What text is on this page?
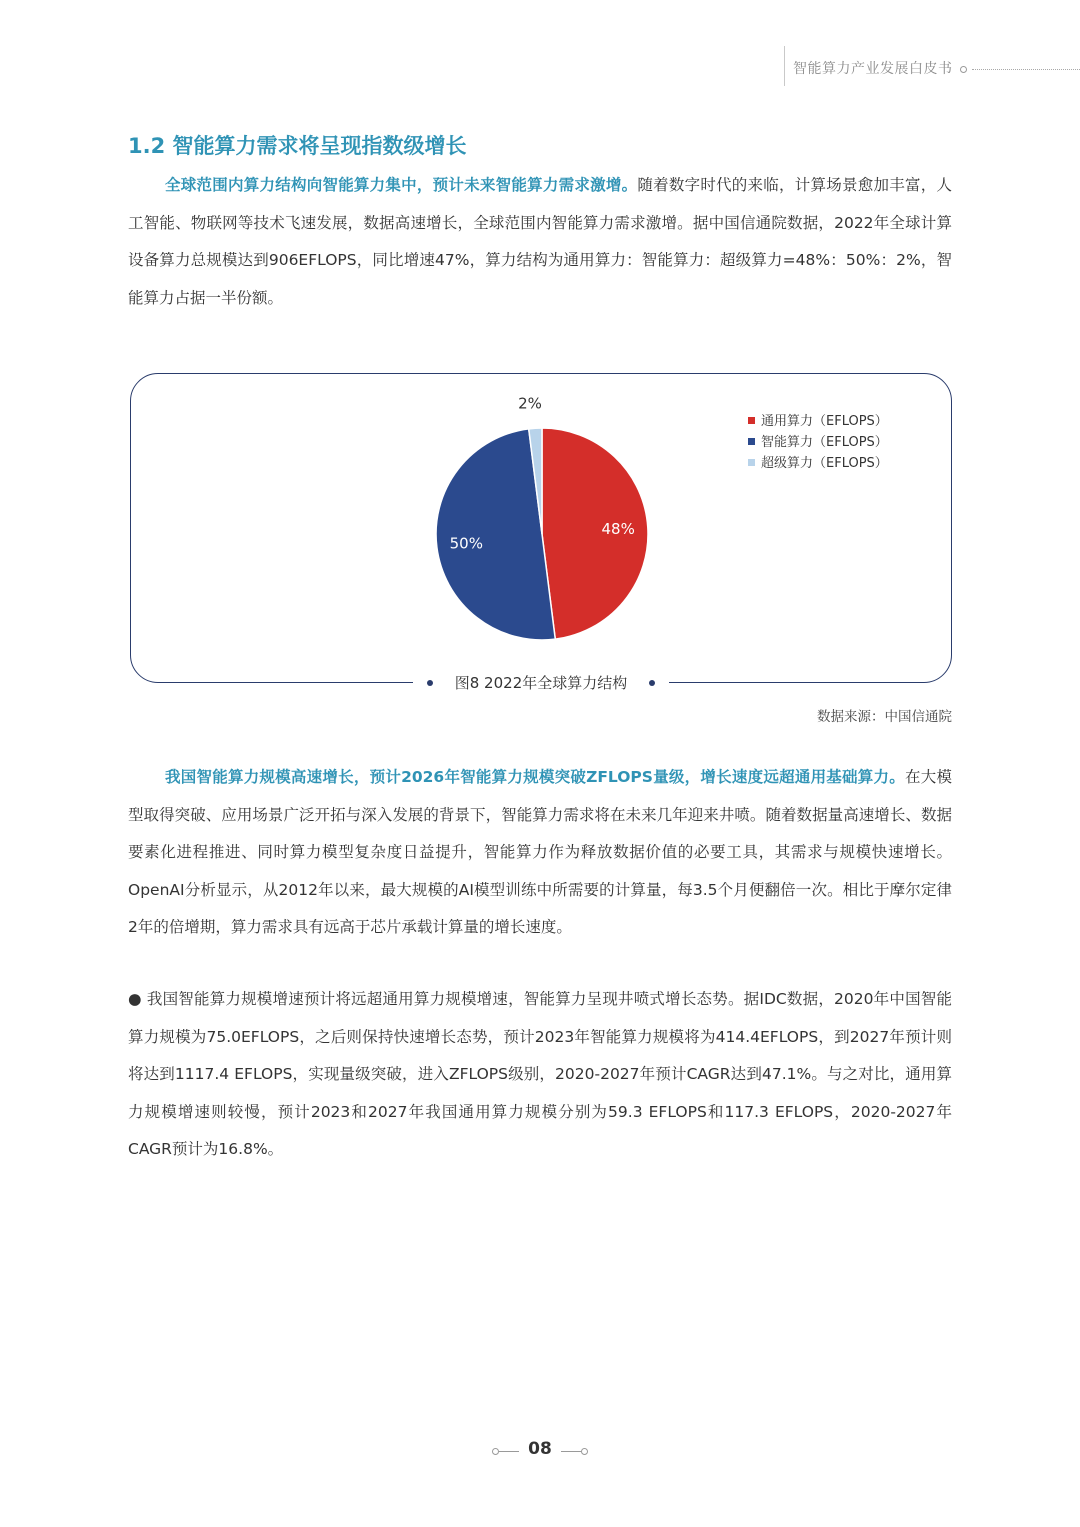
智能算力产业发展白皮书
1.2 智能算力需求将呈现指数级增长

全球范围内算力结构向智能算力集中，预计未来智能算力需求激增。随着数字时代的来临，计算场景愈加丰富，人工智能、物联网等技术飞速发展，数据高速增长，全球范围内智能算力需求激增。据中国信通院数据，2022年全球计算设备算力总规模达到906EFLOPS，同比增速47%，算力结构为通用算力：智能算力：超级算力=48%：50%：2%，智能算力占据一半份额。

48%
50%
2%
通用算力（EFLOPS）
智能算力（EFLOPS）
超级算力（EFLOPS）
图8 2022年全球算力结构
数据来源：中国信通院

我国智能算力规模高速增长，预计2026年智能算力规模突破ZFLOPS量级，增长速度远超通用基础算力。在大模型取得突破、应用场景广泛开拓与深入发展的背景下，智能算力需求将在未来几年迎来井喷。随着数据量高速增长、数据要素化进程推进、同时算力模型复杂度日益提升，智能算力作为释放数据价值的必要工具，其需求与规模快速增长。OpenAI分析显示，从2012年以来，最大规模的AI模型训练中所需要的计算量，每3.5个月便翻倍一次。相比于摩尔定律2年的倍增期，算力需求具有远高于芯片承载计算量的增长速度。

● 我国智能算力规模增速预计将远超通用算力规模增速，智能算力呈现井喷式增长态势。据IDC数据，2020年中国智能算力规模为75.0EFLOPS，之后则保持快速增长态势，预计2023年智能算力规模将为414.4EFLOPS，到2027年预计则将达到1117.4 EFLOPS，实现量级突破，进入ZFLOPS级别，2020-2027年预计CAGR达到47.1%。与之对比，通用算力规模增速则较慢，预计2023和2027年我国通用算力规模分别为59.3 EFLOPS和117.3 EFLOPS，2020-2027年CAGR预计为16.8%。

08
